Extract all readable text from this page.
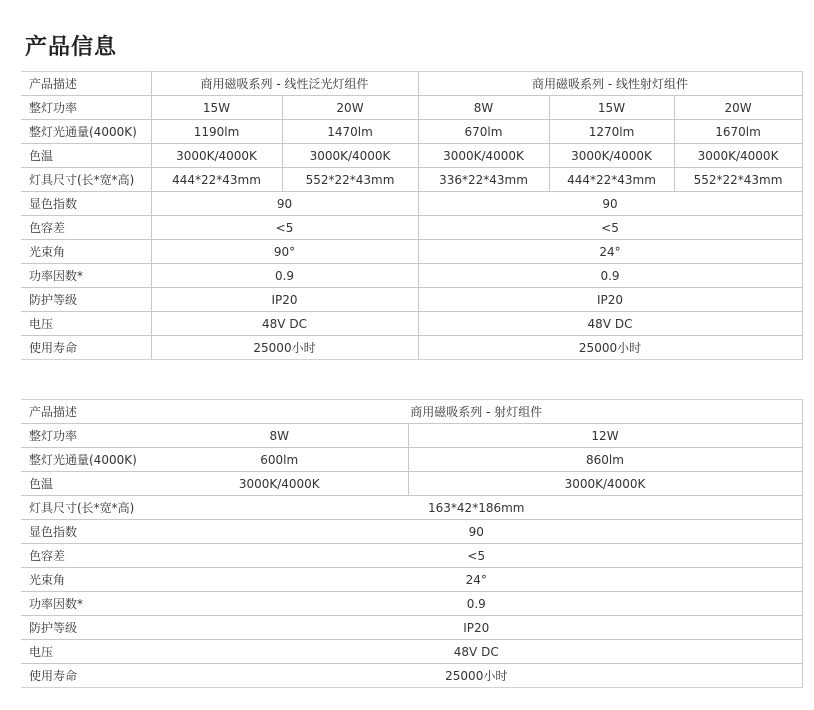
产品信息
产品描述	商用磁吸系列 - 线性泛光灯组件		商用磁吸系列 - 线性射灯组件		
整灯功率	15W	20W	8W	15W	20W
整灯光通量(4000K)	1190lm	1470lm	670lm	1270lm	1670lm
色温	3000K/4000K	3000K/4000K	3000K/4000K	3000K/4000K	3000K/4000K
灯具尺寸(长*宽*高)	444*22*43mm	552*22*43mm	336*22*43mm	444*22*43mm	552*22*43mm
显色指数	90		90		
色容差	<5		<5		
光束角	90°		24°		
功率因数*	0.9		0.9		
防护等级	IP20		IP20		
电压	48V DC		48V DC		
使用寿命	25000小时		25000小时		
产品描述	商用磁吸系列 - 射灯组件	
整灯功率	8W	12W
整灯光通量(4000K)	600lm	860lm
色温	3000K/4000K	3000K/4000K
灯具尺寸(长*宽*高)	163*42*186mm	
显色指数	90	
色容差	<5	
光束角	24°	
功率因数*	0.9	
防护等级	IP20	
电压	48V DC	
使用寿命	25000小时	
